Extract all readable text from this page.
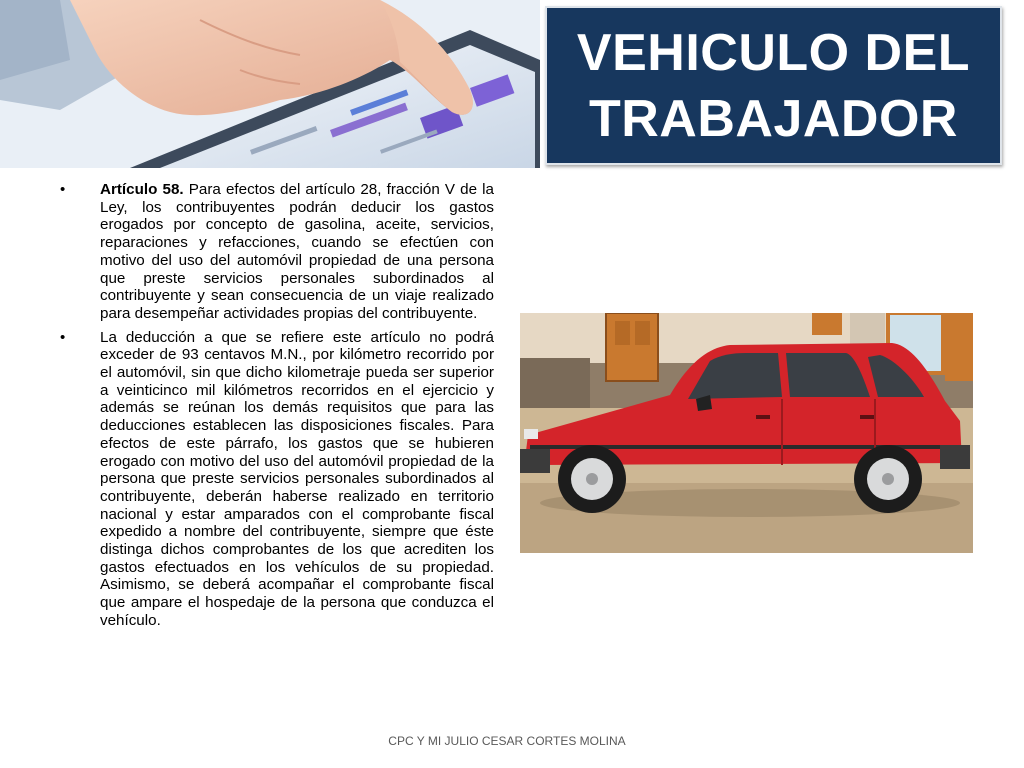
VEHICULO DEL
TRABAJADOR
• Artículo 58. Para efectos del artículo 28, fracción V de la Ley, los contribuyentes podrán deducir los gastos erogados por concepto de gasolina, aceite, servicios, reparaciones y refacciones, cuando se efectúen con motivo del uso del automóvil propiedad de una persona que preste servicios personales subordinados al contribuyente y sean consecuencia de un viaje realizado para desempeñar actividades propias del contribuyente.
• La deducción a que se refiere este artículo no podrá exceder de 93 centavos M.N., por kilómetro recorrido por el automóvil, sin que dicho kilometraje pueda ser superior a veinticinco mil kilómetros recorridos en el ejercicio y además se reúnan los demás requisitos que para las deducciones establecen las disposiciones fiscales. Para efectos de este párrafo, los gastos que se hubieren erogado con motivo del uso del automóvil propiedad de la persona que preste servicios personales subordinados al contribuyente, deberán haberse realizado en territorio nacional y estar amparados con el comprobante fiscal expedido a nombre del contribuyente, siempre que éste distinga dichos comprobantes de los que acrediten los gastos efectuados en los vehículos de su propiedad. Asimismo, se deberá acompañar el comprobante fiscal que ampare el hospedaje de la persona que conduzca el vehículo.
CPC Y MI JULIO CESAR CORTES MOLINA
